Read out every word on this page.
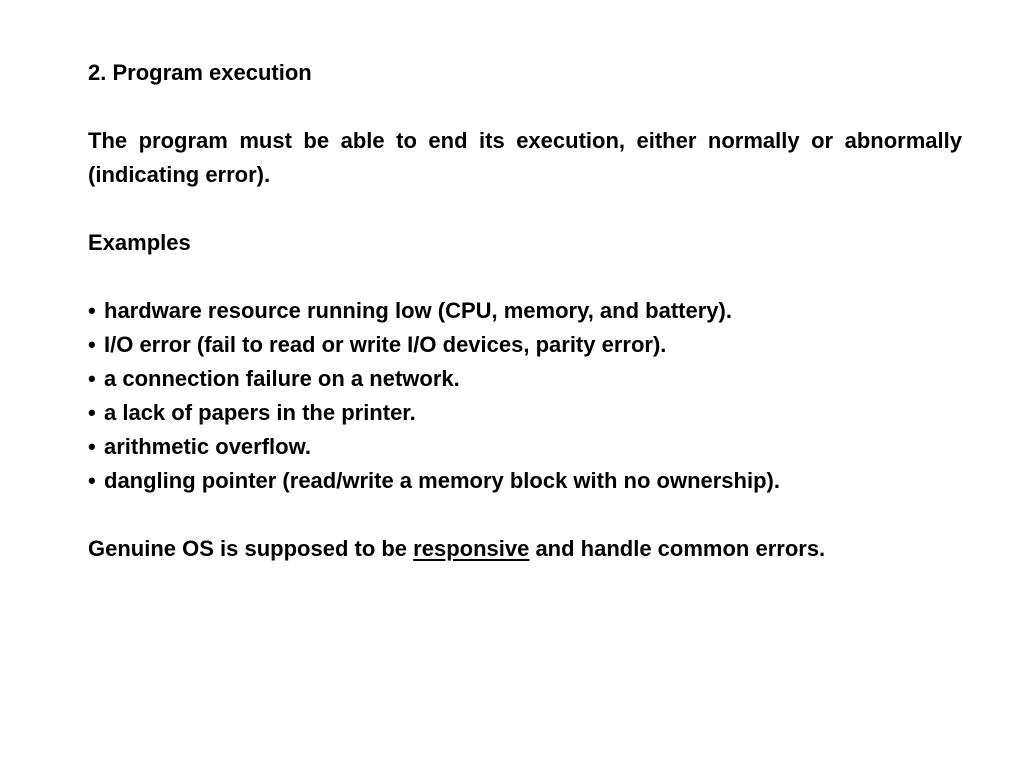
2. Program execution

The program must be able to end its execution, either normally or abnormally (indicating error).

Examples

• hardware resource running low (CPU, memory, and battery).
• I/O error (fail to read or write I/O devices, parity error).
• a connection failure on a network.
• a lack of papers in the printer.
• arithmetic overflow.
• dangling pointer (read/write a memory block with no ownership).

Genuine OS is supposed to be responsive and handle common errors.
